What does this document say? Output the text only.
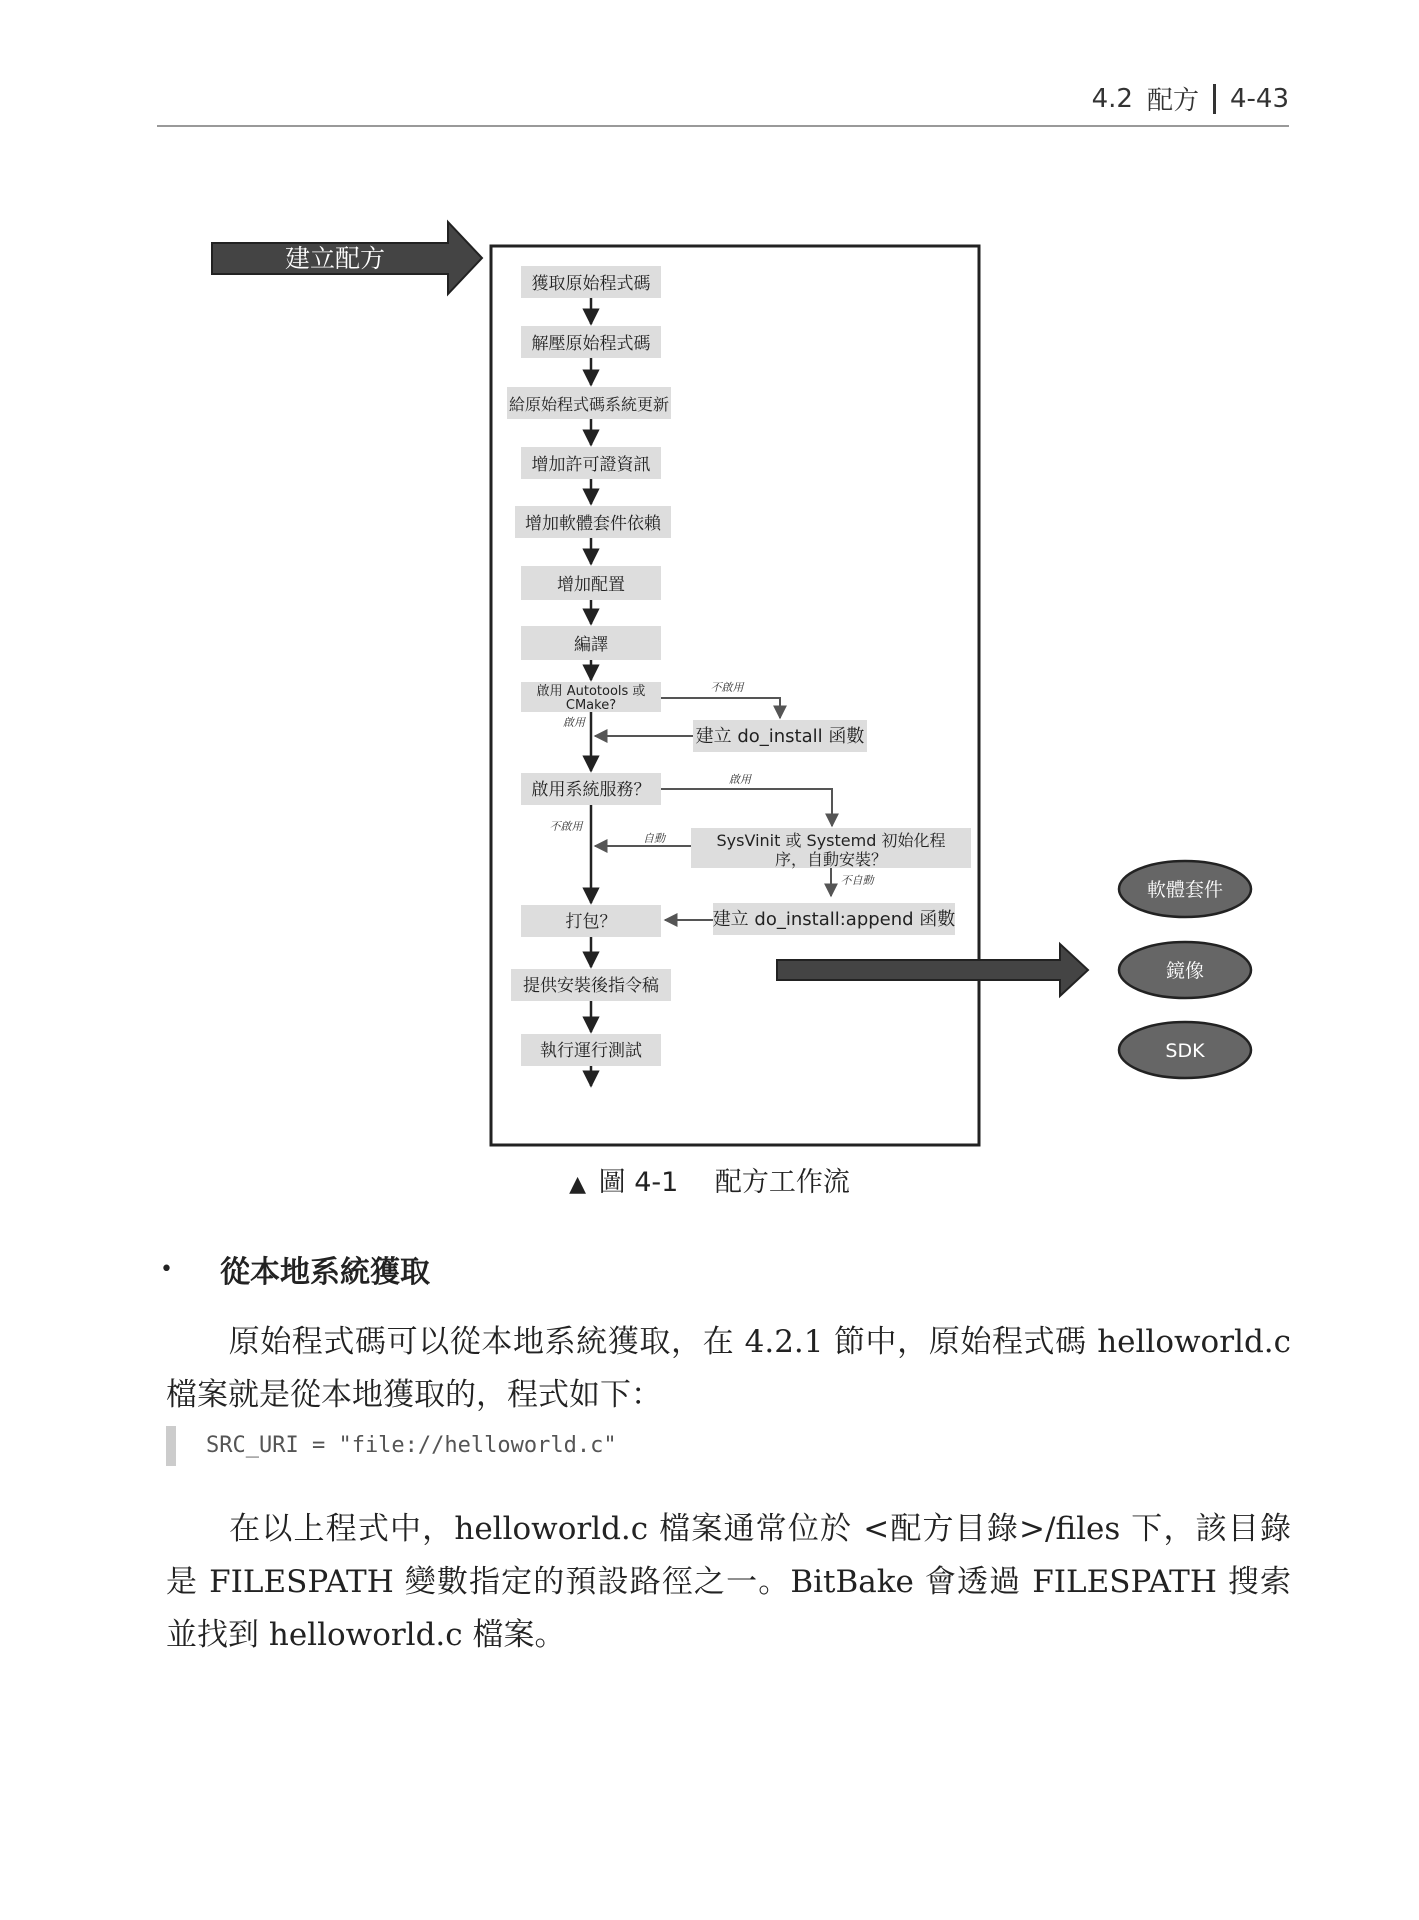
4.2 配方 4-43
建立配方
獲取原始程式碼
解壓原始程式碼
給原始程式碼系統更新
增加許可證資訊
增加軟體套件依賴
增加配置
編譯
啟用 Autotools 或
CMake?
不啟用
建立 do_install 函數
啟用
啟用系統服務？
啟用
不啟用
SysVinit 或 Systemd 初始化程
序，自動安裝？
自動
不自動
打包？	建立 do_install:append 函數
提供安裝後指令稿
執行運行測試
軟體套件
鏡像
SDK
▲ 圖 4-1 配方工作流
•	從本地系統獲取
原始程式碼可以從本地系統獲取，在 4.2.1 節中，原始程式碼 helloworld.c 檔案就是從本地獲取的，程式如下：
SRC_URI = "file://helloworld.c"
在以上程式中，helloworld.c 檔案通常位於 <配方目錄>/files 下，該目錄是 FILESPATH 變數指定的預設路徑之一。BitBake 會透過 FILESPATH 搜索並找到 helloworld.c 檔案。
